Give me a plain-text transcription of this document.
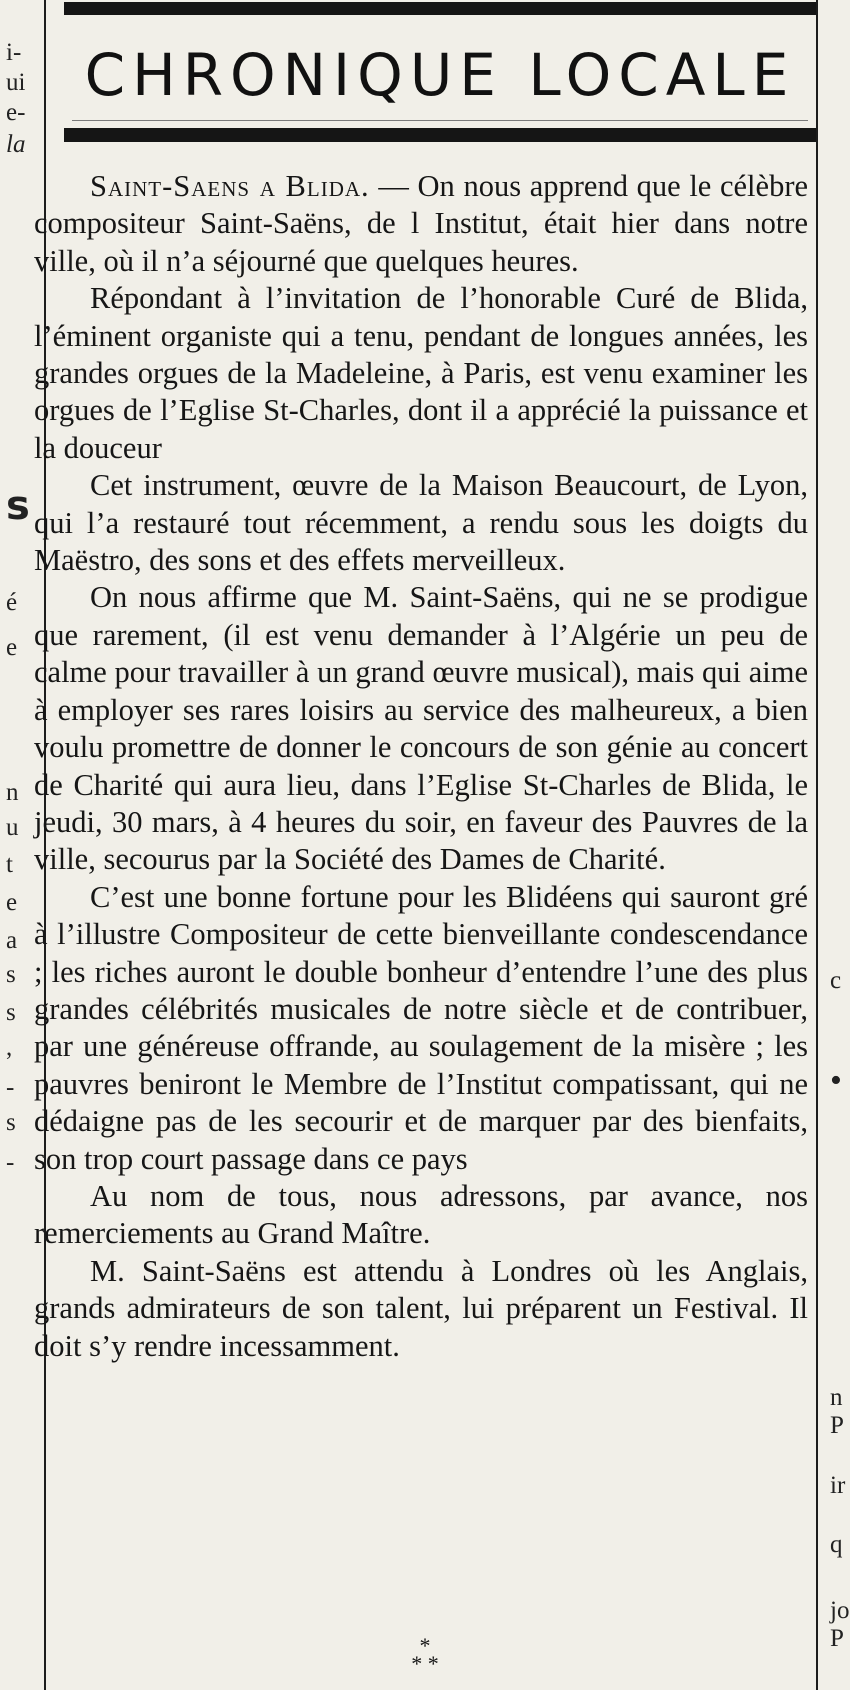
i-
ui
e-
la
s
é
e
n
u
t
e
a
s
s
,
-
s
-
c
•
n
P
ir
q
jo
P
CHRONIQUE LOCALE

Saint-Saens a Blida. — On nous apprend que le célèbre compositeur Saint-Saëns, de l Institut, était hier dans notre ville, où il n’a séjourné que quelques heures.

Répondant à l’invitation de l’honorable Curé de Blida, l’éminent organiste qui a tenu, pendant de longues années, les grandes orgues de la Madeleine, à Paris, est venu examiner les orgues de l’Eglise St-Charles, dont il a apprécié la puissance et la douceur

Cet instrument, œuvre de la Maison Beaucourt, de Lyon, qui l’a restauré tout récemment, a rendu sous les doigts du Maëstro, des sons et des effets merveilleux.

On nous affirme que M. Saint-Saëns, qui ne se prodigue que rarement, (il est venu demander à l’Algérie un peu de calme pour travailler à un grand œuvre musical), mais qui aime à employer ses rares loisirs au service des malheureux, a bien voulu promettre de donner le concours de son génie au concert de Charité qui aura lieu, dans l’Eglise St-Charles de Blida, le jeudi, 30 mars, à 4 heures du soir, en faveur des Pauvres de la ville, secourus par la Société des Dames de Charité.

C’est une bonne fortune pour les Blidéens qui sauront gré à l’illustre Compositeur de cette bienveillante condescendance ; les riches auront le double bonheur d’entendre l’une des plus grandes célébrités musicales de notre siècle et de contribuer, par une généreuse offrande, au soulagement de la misère ; les pauvres beniront le Membre de l’Institut compatissant, qui ne dédaigne pas de les secourir et de marquer par des bienfaits, son trop court passage dans ce pays

Au nom de tous, nous adressons, par avance, nos remerciements au Grand Maître.

M. Saint-Saëns est attendu à Londres où les Anglais, grands admirateurs de son talent, lui préparent un Festival. Il doit s’y rendre incessamment.

*
* *
